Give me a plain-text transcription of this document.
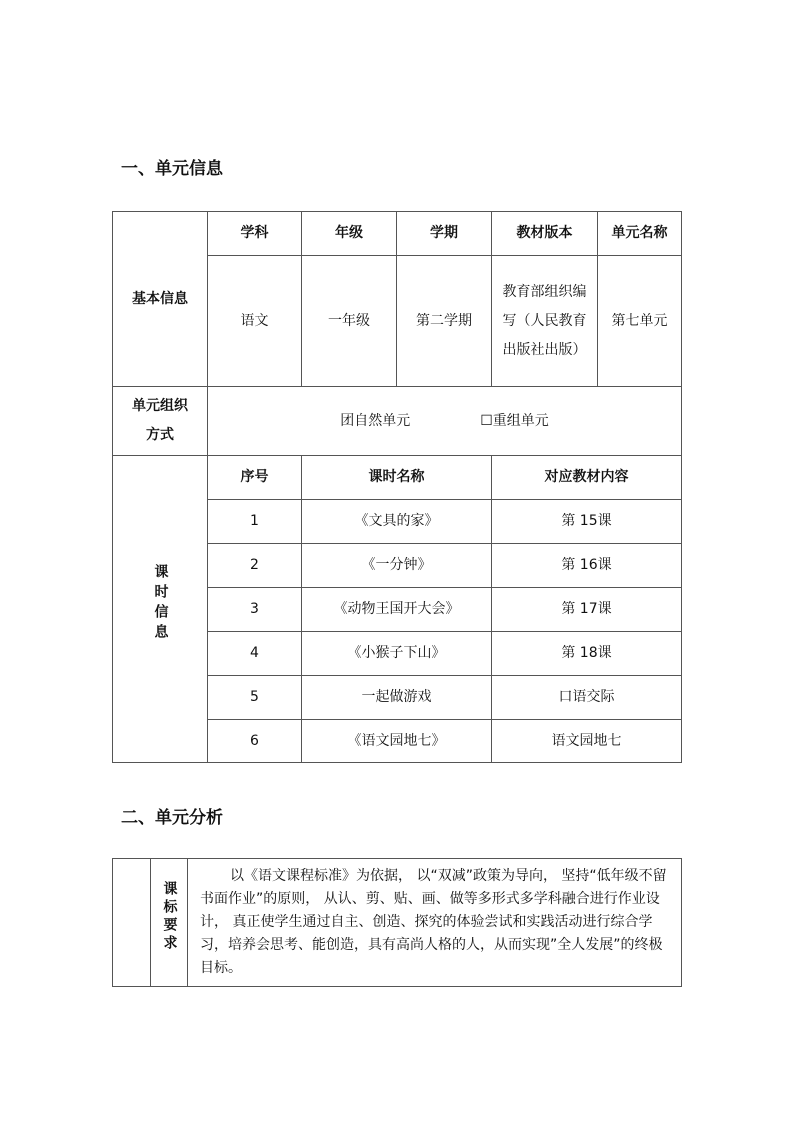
一、单元信息
基本信息	学科	年级	学期	教材版本	单元名称
	语文	一年级	第二学期	教育部组织编写（人民教育出版社出版）	第七单元
单元组织方式	团自然单元 ☐重组单元				

课时信息	序号	课时名称		对应教材内容	
	1	《文具的家》		第 15课	
	2	《一分钟》		第 16课	
	3	《动物王国开大会》		第 17课	
	4	《小猴子下山》		第 18课	
	5	一起做游戏		口语交际	
	6	《语文园地七》		语文园地七	
二、单元分析
	课标要求	
以《语文课程标准》为依据， 以“双减”政策为导向， 坚持“低年级不留书面作业”的原则， 从认、剪、贴、画、做等多形式多学科融合进行作业设计， 真正使学生通过自主、创造、探究的体验尝试和实践活动进行综合学习，培养会思考、能创造，具有高尚人格的人，从而实现”全人发展”的终极目标。
